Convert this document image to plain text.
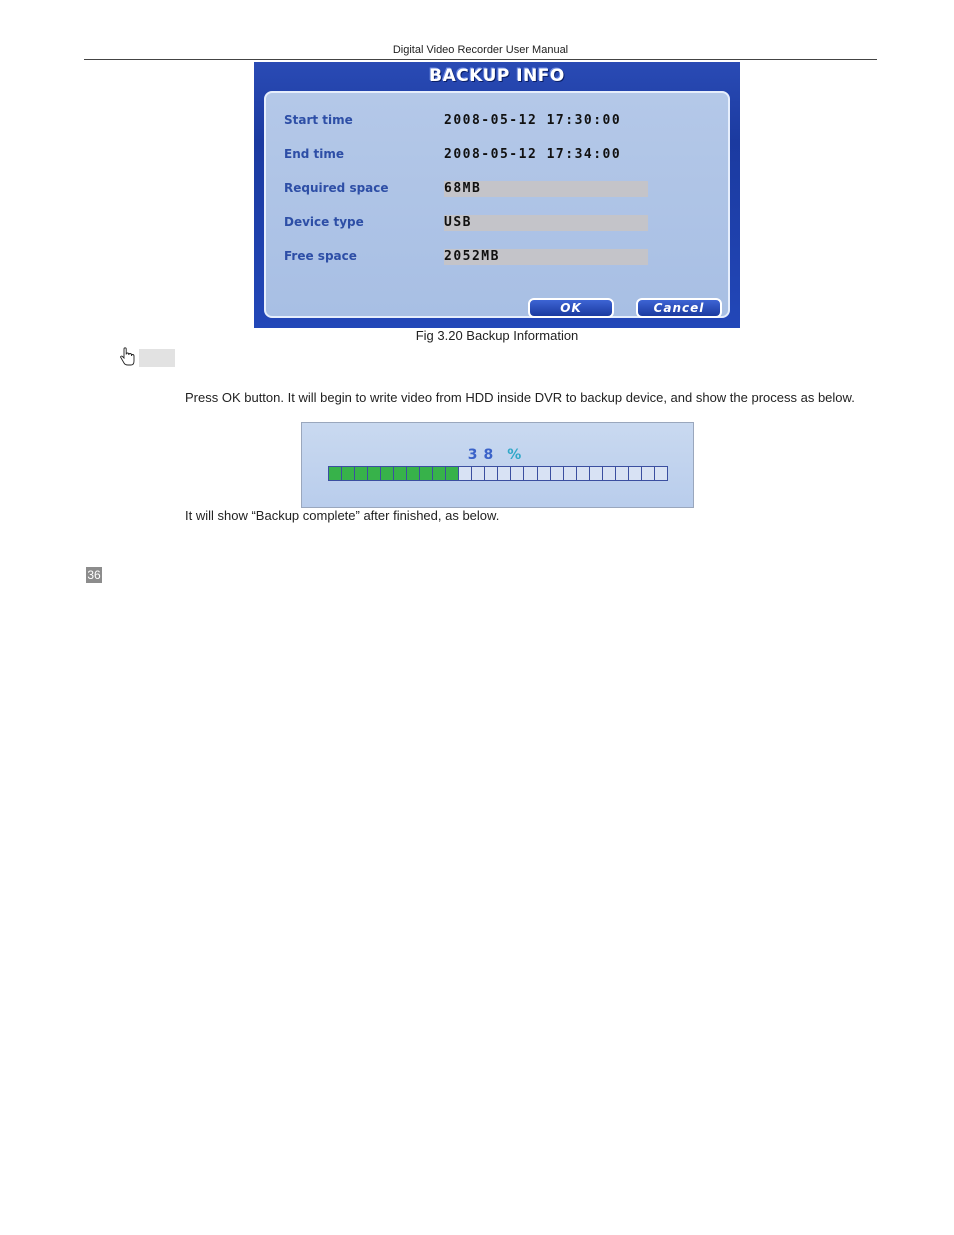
Digital Video Recorder User Manual
BACKUP INFO
Start time	2008-05-12 17:30:00
End time	2008-05-12 17:34:00
Required space	68MB
Device type	USB
Free space	2052MB
OK	Cancel
Fig 3.20 Backup Information
Press OK button. It will begin to write video from HDD inside DVR to backup device, and show the process as below.
38 %
It will show “Backup complete” after finished, as below.
36
